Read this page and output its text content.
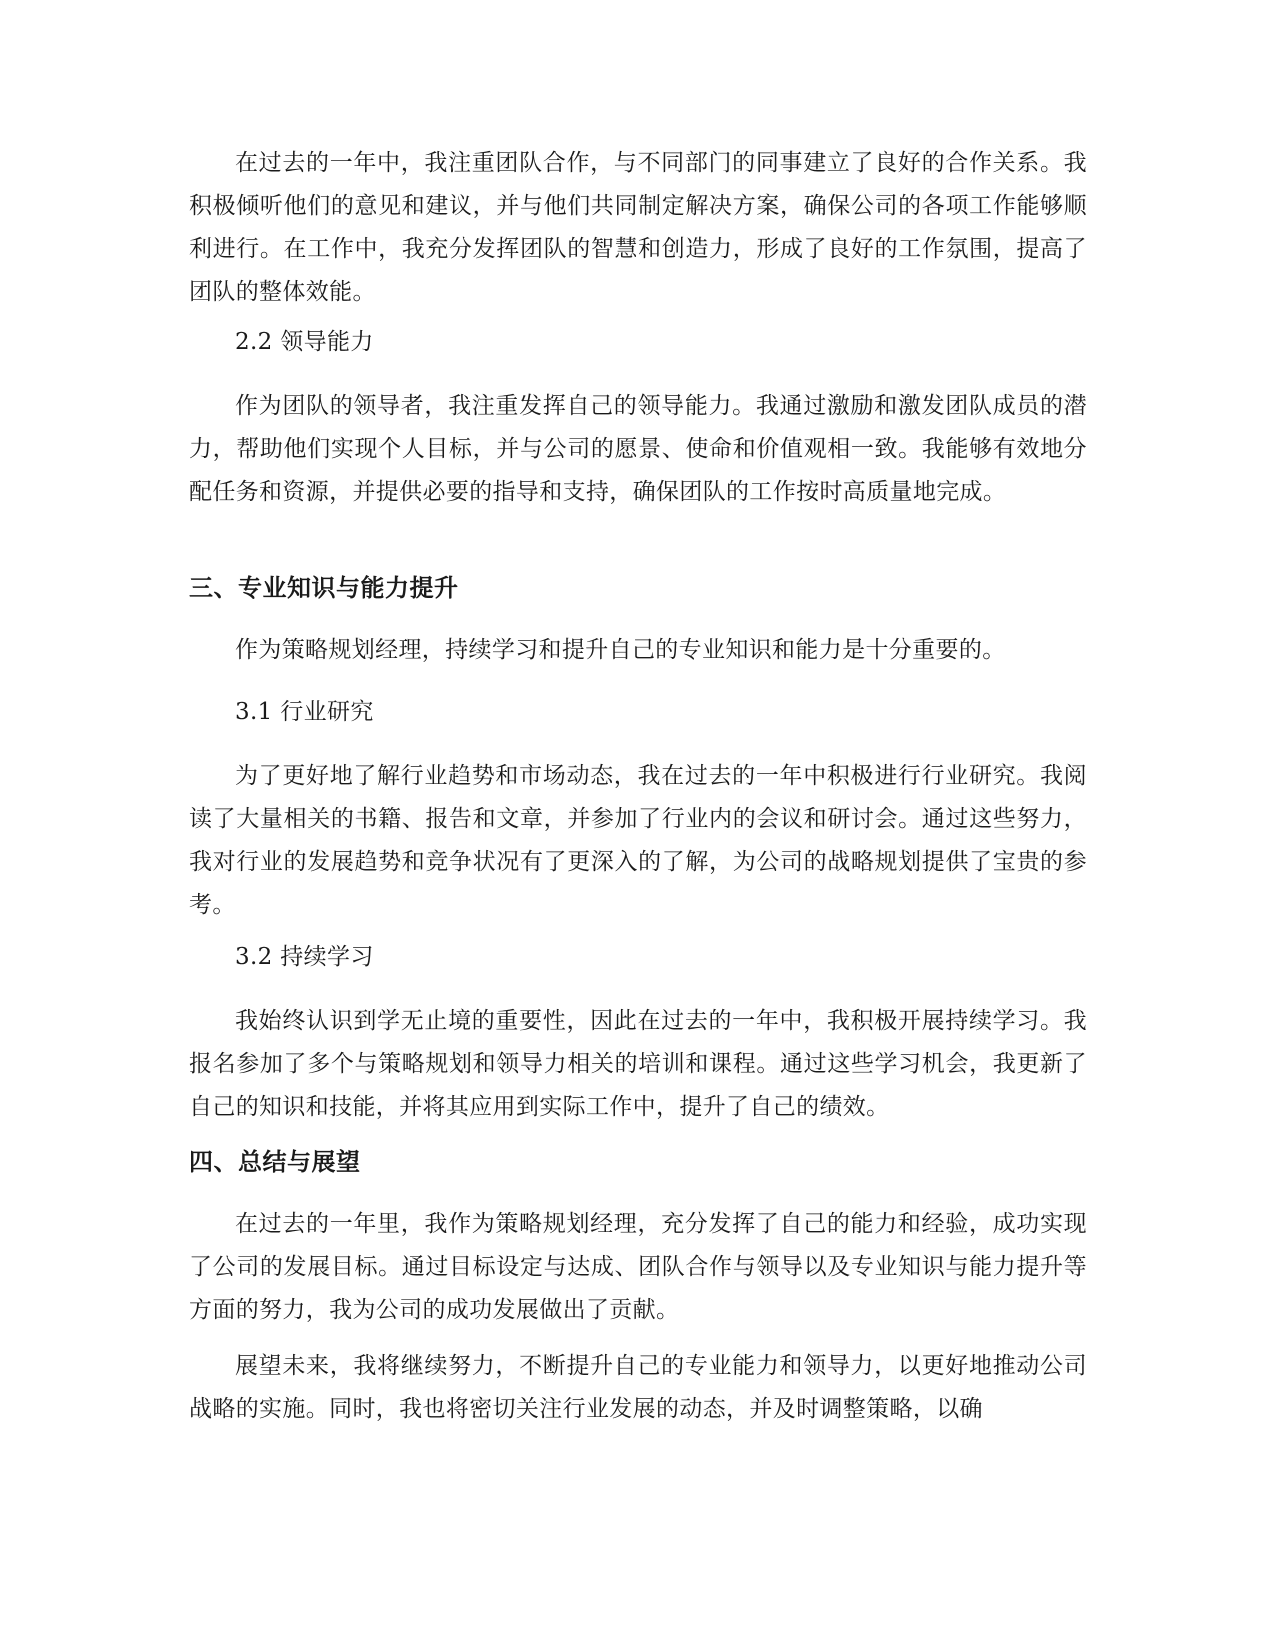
在过去的一年中，我注重团队合作，与不同部门的同事建立了良好的合作关系。我积极倾听他们的意见和建议，并与他们共同制定解决方案，确保公司的各项工作能够顺利进行。在工作中，我充分发挥团队的智慧和创造力，形成了良好的工作氛围，提高了团队的整体效能。

2.2 领导能力

作为团队的领导者，我注重发挥自己的领导能力。我通过激励和激发团队成员的潜力，帮助他们实现个人目标，并与公司的愿景、使命和价值观相一致。我能够有效地分配任务和资源，并提供必要的指导和支持，确保团队的工作按时高质量地完成。

三、专业知识与能力提升

作为策略规划经理，持续学习和提升自己的专业知识和能力是十分重要的。

3.1 行业研究

为了更好地了解行业趋势和市场动态，我在过去的一年中积极进行行业研究。我阅读了大量相关的书籍、报告和文章，并参加了行业内的会议和研讨会。通过这些努力，我对行业的发展趋势和竞争状况有了更深入的了解，为公司的战略规划提供了宝贵的参考。

3.2 持续学习

我始终认识到学无止境的重要性，因此在过去的一年中，我积极开展持续学习。我报名参加了多个与策略规划和领导力相关的培训和课程。通过这些学习机会，我更新了自己的知识和技能，并将其应用到实际工作中，提升了自己的绩效。

四、总结与展望

在过去的一年里，我作为策略规划经理，充分发挥了自己的能力和经验，成功实现了公司的发展目标。通过目标设定与达成、团队合作与领导以及专业知识与能力提升等方面的努力，我为公司的成功发展做出了贡献。

展望未来，我将继续努力，不断提升自己的专业能力和领导力，以更好地推动公司战略的实施。同时，我也将密切关注行业发展的动态，并及时调整策略，以确
